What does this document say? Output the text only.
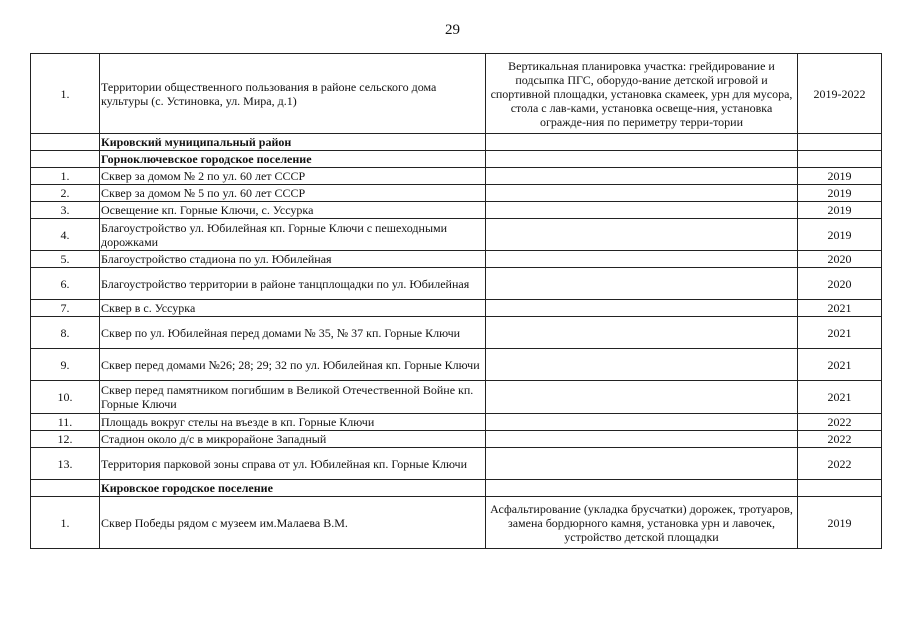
29
1.	Территории общественного пользования в районе сельского дома культуры (с. Устиновка, ул. Мира, д.1)	Вертикальная планировка участка: грейдирование и подсыпка ПГС, оборудо-вание детской игровой и спортивной площадки, установка скамеек, урн для мусора, стола с лав-ками, установка освеще-ния, установка огражде-ния по периметру терри-тории	2019-2022
	Кировский муниципальный район	

	Горноключевское городское поселение	

1.	Сквер за домом № 2 по ул. 60 лет СССР		2019
2.	Сквер за домом № 5 по ул. 60 лет СССР		2019
3.	Освещение кп. Горные Ключи, с. Уссурка		2019
4.	Благоустройство ул. Юбилейная кп. Горные Ключи с пешеходными дорожками		2019
5.	Благоустройство стадиона по ул. Юбилейная		2020
6.	Благоустройство территории в районе танцплощадки по ул. Юбилейная		2020
7.	Сквер в с. Уссурка		2021
8.	Сквер по ул. Юбилейная перед домами № 35, № 37 кп. Горные Ключи		2021
9.	Сквер перед домами №26; 28; 29; 32 по ул. Юбилейная кп. Горные Ключи		2021
10.	Сквер перед памятником погибшим в Великой Отечественной Войне кп. Горные Ключи		2021
11.	Площадь вокруг стелы на въезде в кп. Горные Ключи		2022
12.	Стадион около д/с в микрорайоне Западный		2022
13.	Территория парковой зоны справа от ул. Юбилейная кп. Горные Ключи		2022
	Кировское городское поселение		
1.	Сквер Победы рядом с музеем им.Малаева В.М.	Асфальтирование (укладка брусчатки) дорожек, тротуаров, замена бордюрного камня, установка урн и лавочек, устройство детской площадки	2019
